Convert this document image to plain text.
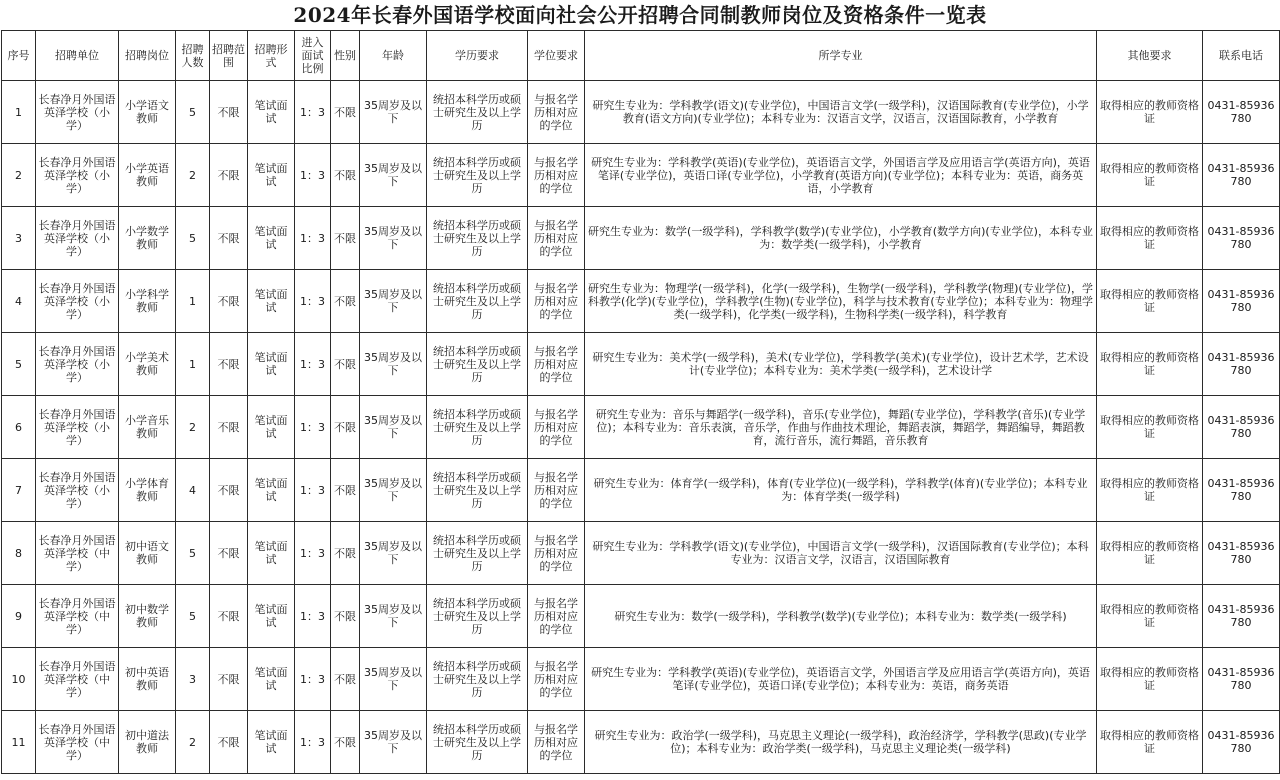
2024年长春外国语学校面向社会公开招聘合同制教师岗位及资格条件一览表
序号	招聘单位	招聘岗位	招聘人数	招聘范围	招聘形式	进入面试比例	性别	年龄	学历要求	学位要求	所学专业	其他要求	联系电话
1	长春净月外国语英泽学校（小学）	小学语文教师	5	不限	笔试面试	1：3	不限	35周岁及以下	统招本科学历或硕士研究生及以上学历	与报名学历相对应的学位	研究生专业为：学科教学(语文)(专业学位)，中国语言文学(一级学科)，汉语国际教育(专业学位)，小学教育(语文方向)(专业学位)；本科专业为：汉语言文学，汉语言，汉语国际教育，小学教育	取得相应的教师资格证	0431-85936780
2	长春净月外国语英泽学校（小学）	小学英语教师	2	不限	笔试面试	1：3	不限	35周岁及以下	统招本科学历或硕士研究生及以上学历	与报名学历相对应的学位	研究生专业为：学科教学(英语)(专业学位)，英语语言文学，外国语言学及应用语言学(英语方向)，英语笔译(专业学位)，英语口译(专业学位)，小学教育(英语方向)(专业学位)；本科专业为：英语，商务英语，小学教育	取得相应的教师资格证	0431-85936780
3	长春净月外国语英泽学校（小学）	小学数学教师	5	不限	笔试面试	1：3	不限	35周岁及以下	统招本科学历或硕士研究生及以上学历	与报名学历相对应的学位	研究生专业为：数学(一级学科)，学科教学(数学)(专业学位)，小学教育(数学方向)(专业学位)，本科专业为：数学类(一级学科)，小学教育	取得相应的教师资格证	0431-85936780
4	长春净月外国语英泽学校（小学）	小学科学教师	1	不限	笔试面试	1：3	不限	35周岁及以下	统招本科学历或硕士研究生及以上学历	与报名学历相对应的学位	研究生专业为：物理学(一级学科)，化学(一级学科)，生物学(一级学科)，学科教学(物理)(专业学位)，学科教学(化学)(专业学位)，学科教学(生物)(专业学位)，科学与技术教育(专业学位)；本科专业为：物理学类(一级学科)，化学类(一级学科)，生物科学类(一级学科)，科学教育	取得相应的教师资格证	0431-85936780
5	长春净月外国语英泽学校（小学）	小学美术教师	1	不限	笔试面试	1：3	不限	35周岁及以下	统招本科学历或硕士研究生及以上学历	与报名学历相对应的学位	研究生专业为：美术学(一级学科)，美术(专业学位)，学科教学(美术)(专业学位)，设计艺术学，艺术设计(专业学位)；本科专业为：美术学类(一级学科)，艺术设计学	取得相应的教师资格证	0431-85936780
6	长春净月外国语英泽学校（小学）	小学音乐教师	2	不限	笔试面试	1：3	不限	35周岁及以下	统招本科学历或硕士研究生及以上学历	与报名学历相对应的学位	研究生专业为：音乐与舞蹈学(一级学科)，音乐(专业学位)，舞蹈(专业学位)，学科教学(音乐)(专业学位)；本科专业为：音乐表演，音乐学，作曲与作曲技术理论，舞蹈表演，舞蹈学，舞蹈编导，舞蹈教育，流行音乐，流行舞蹈，音乐教育	取得相应的教师资格证	0431-85936780
7	长春净月外国语英泽学校（小学）	小学体育教师	4	不限	笔试面试	1：3	不限	35周岁及以下	统招本科学历或硕士研究生及以上学历	与报名学历相对应的学位	研究生专业为：体育学(一级学科)，体育(专业学位)(一级学科)，学科教学(体育)(专业学位)；本科专业为：体育学类(一级学科)	取得相应的教师资格证	0431-85936780
8	长春净月外国语英泽学校（中学）	初中语文教师	5	不限	笔试面试	1：3	不限	35周岁及以下	统招本科学历或硕士研究生及以上学历	与报名学历相对应的学位	研究生专业为：学科教学(语文)(专业学位)，中国语言文学(一级学科)，汉语国际教育(专业学位)；本科专业为：汉语言文学，汉语言，汉语国际教育	取得相应的教师资格证	0431-85936780
9	长春净月外国语英泽学校（中学）	初中数学教师	5	不限	笔试面试	1：3	不限	35周岁及以下	统招本科学历或硕士研究生及以上学历	与报名学历相对应的学位	研究生专业为：数学(一级学科)，学科教学(数学)(专业学位)；本科专业为：数学类(一级学科)	取得相应的教师资格证	0431-85936780
10	长春净月外国语英泽学校（中学）	初中英语教师	3	不限	笔试面试	1：3	不限	35周岁及以下	统招本科学历或硕士研究生及以上学历	与报名学历相对应的学位	研究生专业为：学科教学(英语)(专业学位)，英语语言文学，外国语言学及应用语言学(英语方向)，英语笔译(专业学位)，英语口译(专业学位)；本科专业为：英语，商务英语	取得相应的教师资格证	0431-85936780
11	长春净月外国语英泽学校（中学）	初中道法教师	2	不限	笔试面试	1：3	不限	35周岁及以下	统招本科学历或硕士研究生及以上学历	与报名学历相对应的学位	研究生专业为：政治学(一级学科)，马克思主义理论(一级学科)，政治经济学，学科教学(思政)(专业学位)；本科专业为：政治学类(一级学科)，马克思主义理论类(一级学科)	取得相应的教师资格证	0431-85936780
